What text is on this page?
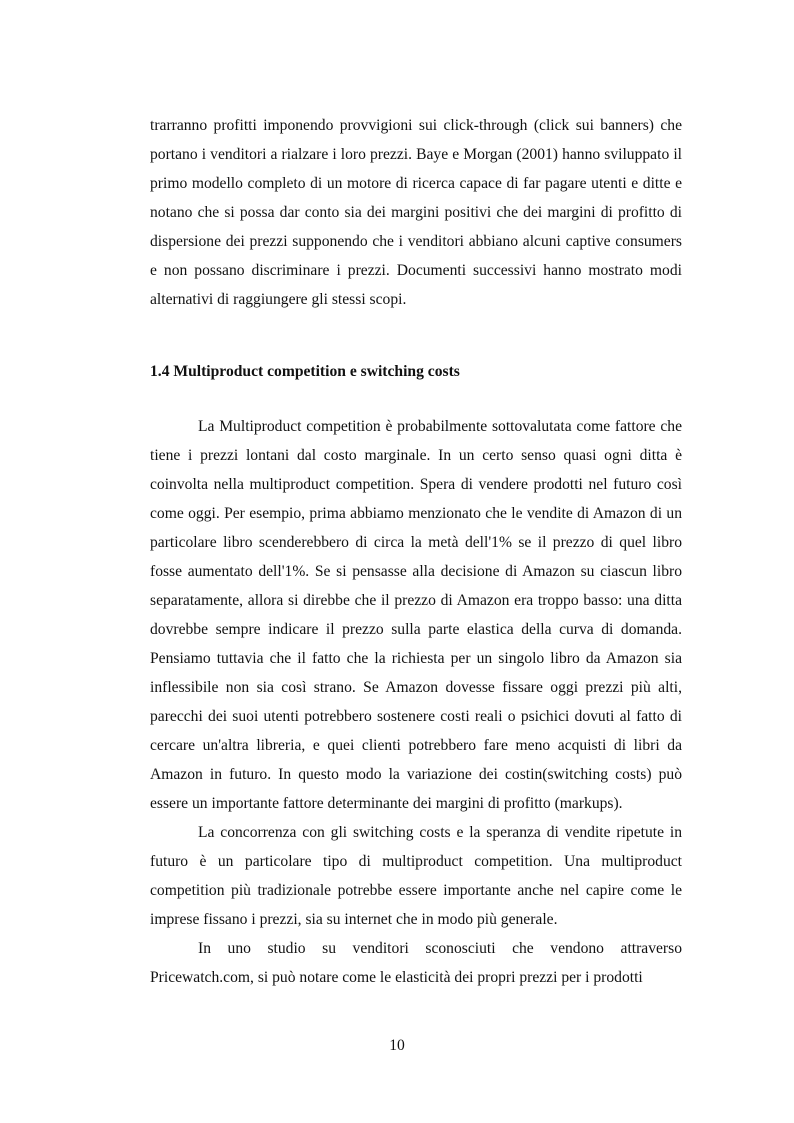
trarranno profitti imponendo provvigioni sui click-through (click sui banners) che portano i venditori a rialzare i loro prezzi. Baye e Morgan (2001) hanno sviluppato il primo modello completo di un motore di ricerca capace di far pagare utenti e ditte e notano che si possa dar conto sia dei margini positivi che dei margini di profitto di dispersione dei prezzi supponendo che i venditori abbiano alcuni captive consumers e non possano discriminare i prezzi. Documenti successivi hanno mostrato modi alternativi di raggiungere gli stessi scopi.

1.4 Multiproduct competition e switching costs

La Multiproduct competition è probabilmente sottovalutata come fattore che tiene i prezzi lontani dal costo marginale. In un certo senso quasi ogni ditta è coinvolta nella multiproduct competition. Spera di vendere prodotti nel futuro così come oggi. Per esempio, prima abbiamo menzionato che le vendite di Amazon di un particolare libro scenderebbero di circa la metà dell'1% se il prezzo di quel libro fosse aumentato dell'1%. Se si pensasse alla decisione di Amazon su ciascun libro separatamente, allora si direbbe che il prezzo di Amazon era troppo basso: una ditta dovrebbe sempre indicare il prezzo sulla parte elastica della curva di domanda. Pensiamo tuttavia che il fatto che la richiesta per un singolo libro da Amazon sia inflessibile non sia così strano. Se Amazon dovesse fissare oggi prezzi più alti, parecchi dei suoi utenti potrebbero sostenere costi reali o psichici dovuti al fatto di cercare un'altra libreria, e quei clienti potrebbero fare meno acquisti di libri da Amazon in futuro. In questo modo la variazione dei costin(switching costs) può essere un importante fattore determinante dei margini di profitto (markups).

La concorrenza con gli switching costs e la speranza di vendite ripetute in futuro è un particolare tipo di multiproduct competition. Una multiproduct competition più tradizionale potrebbe essere importante anche nel capire come le imprese fissano i prezzi, sia su internet che in modo più generale.

In uno studio su venditori sconosciuti che vendono attraverso Pricewatch.com, si può notare come le elasticità dei propri prezzi per i prodotti

10
